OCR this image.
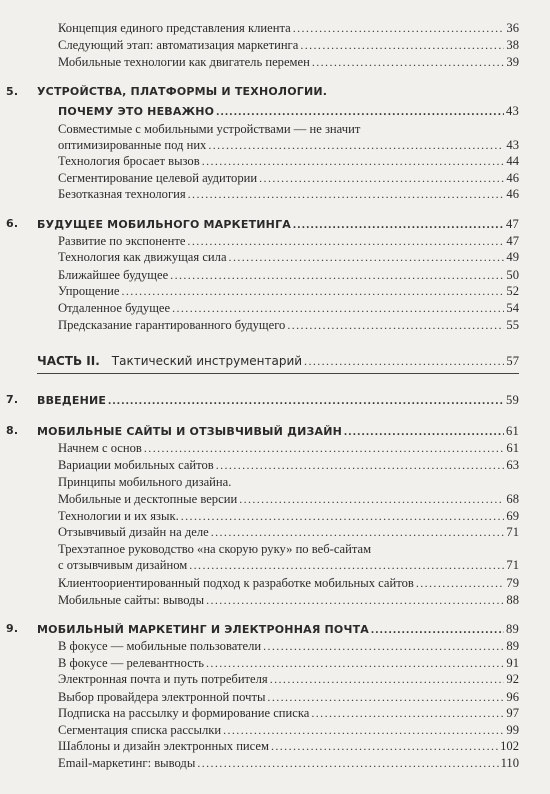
Концепция единого представления клиента .....	36
Следующий этап: автоматизация маркетинга .....	38
Мобильные технологии как двигатель перемен .....	39
5. УСТРОЙСТВА, ПЛАТФОРМЫ И ТЕХНОЛОГИИ.
ПОЧЕМУ ЭТО НЕВАЖНО .....	43
Совместимые с мобильными устройствами — не значит
оптимизированные под них .....	43
Технология бросает вызов .....	44
Сегментирование целевой аудитории .....	46
Безотказная технология .....	46
6. БУДУЩЕЕ МОБИЛЬНОГО МАРКЕТИНГА .....	47
Развитие по экспоненте .....	47
Технология как движущая сила .....	49
Ближайшее будущее .....	50
Упрощение .....	52
Отдаленное будущее .....	54
Предсказание гарантированного будущего .....	55
ЧАСТЬ II. Тактический инструментарий .....	57
7. ВВЕДЕНИЕ .....	59
8. МОБИЛЬНЫЕ САЙТЫ И ОТЗЫВЧИВЫЙ ДИЗАЙН .....	61
Начнем с основ .....	61
Вариации мобильных сайтов .....	63
Принципы мобильного дизайна.
Мобильные и десктопные версии .....	68
Технологии и их язык. .....	69
Отзывчивый дизайн на деле .....	71
Трехэтапное руководство «на скорую руку» по веб-сайтам
с отзывчивым дизайном .....	71
Клиентоориентированный подход к разработке мобильных сайтов .....	79
Мобильные сайты: выводы .....	88
9. МОБИЛЬНЫЙ МАРКЕТИНГ И ЭЛЕКТРОННАЯ ПОЧТА .....	89
В фокусе — мобильные пользователи .....	89
В фокусе — релевантность .....	91
Электронная почта и путь потребителя .....	92
Выбор провайдера электронной почты .....	96
Подписка на рассылку и формирование списка .....	97
Сегментация списка рассылки .....	99
Шаблоны и дизайн электронных писем .....	102
Email-маркетинг: выводы .....	110
